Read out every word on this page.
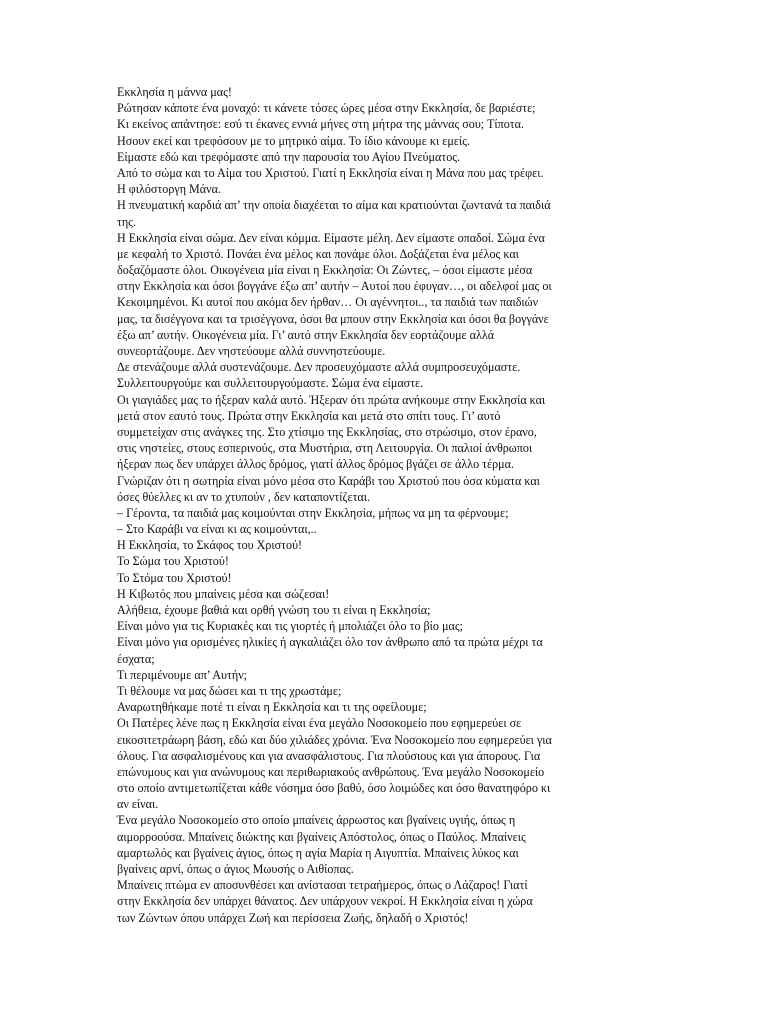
Εκκλησία η μάννα μας!
Ρώτησαν κάποτε ένα μοναχό: τι κάνετε τόσες ώρες μέσα στην Εκκλησία, δε βαριέστε;
Κι εκείνος απάντησε: εσύ τι έκανες εννιά μήνες στη μήτρα της μάννας σου; Τίποτα.
Ησουν εκεί και τρεφόσουν με το μητρικό αίμα. Το ίδιο κάνουμε κι εμείς.
Είμαστε εδώ και τρεφόμαστε από την παρουσία του Αγίου Πνεύματος.
Από το σώμα και το Αίμα του Χριστού. Γιατί η Εκκλησία είναι η Μάνα που μας τρέφει.
Η φιλόστοργη Μάνα.
Η πνευματική καρδιά απ’ την οποία διαχέεται το αίμα και κρατιούνται ζωντανά τα παιδιά
της.
Η Εκκλησία είναι σώμα. Δεν είναι κόμμα. Είμαστε μέλη. Δεν είμαστε οπαδοί. Σώμα ένα
με κεφαλή το Χριστό. Πονάει ένα μέλος και πονάμε όλοι. Δοξάζεται ένα μέλος και
δοξαζόμαστε όλοι. Οικογένεια μία είναι η Εκκλησία: Οι Ζώντες, – όσοι είμαστε μέσα
στην Εκκλησία και όσοι βογγάνε έξω απ’ αυτήν – Αυτοί που έφυγαν…, οι αδελφοί μας οι
Κεκοιμημένοι. Κι αυτοί που ακόμα δεν ήρθαν… Οι αγέννητοι.., τα παιδιά των παιδιών
μας, τα δισέγγονα και τα τρισέγγονα, όσοι θα μπουν στην Εκκλησία και όσοι θα βογγάνε
έξω απ’ αυτήν. Οικογένεια μία. Γι’ αυτό στην Εκκλησία δεν εορτάζουμε αλλά
συνεορτάζουμε. Δεν νηστεύουμε αλλά συννηστεύουμε.
Δε στενάζουμε αλλά συστενάζουμε. Δεν προσευχόμαστε αλλά συμπροσευχόμαστε.
Συλλειτουργούμε και συλλειτουργούμαστε. Σώμα ένα είμαστε.
Οι γιαγιάδες μας το ήξεραν καλά αυτό. Ήξεραν ότι πρώτα ανήκουμε στην Εκκλησία και
μετά στον εαυτό τους. Πρώτα στην Εκκλησία και μετά στο σπίτι τους. Γι’ αυτό
συμμετείχαν στις ανάγκες της. Στο χτίσιμο της Εκκλησίας, στο στρώσιμο, στον έρανο,
στις νηστείες, στους εσπερινούς, στα Μυστήρια, στη Λειτουργία. Οι παλιοί άνθρωποι
ήξεραν πως δεν υπάρχει άλλος δρόμος, γιατί άλλος δρόμος βγάζει σε άλλο τέρμα.
Γνώριζαν ότι η σωτηρία είναι μόνο μέσα στο Καράβι του Χριστού που όσα κύματα και
όσες θύελλες κι αν το χτυπούν , δεν καταποντίζεται.
– Γέροντα, τα παιδιά μας κοιμούνται στην Εκκλησία, μήπως να μη τα φέρνουμε;
– Στο Καράβι να είναι κι ας κοιμούνται,..
Η Εκκλησία, το Σκάφος του Χριστού!
Το Σώμα του Χριστού!
Το Στόμα του Χριστού!
Η Κιβωτός που μπαίνεις μέσα και σώζεσαι!
Αλήθεια, έχουμε βαθιά και ορθή γνώση του τι είναι η Εκκλησία;
Είναι μόνο για τις Κυριακές και τις γιορτές ή μπολιάζει όλο το βίο μας;
Είναι μόνο για ορισμένες ηλικίες ή αγκαλιάζει όλο τον άνθρωπο από τα πρώτα μέχρι τα
έσχατα;
Τι περιμένουμε απ’ Αυτήν;
Τι θέλουμε να μας δώσει και τι της χρωστάμε;
Αναρωτηθήκαμε ποτέ τι είναι η Εκκλησία και τι της οφείλουμε;
Οι Πατέρες λένε πως η Εκκλησία είναι ένα μεγάλο Νοσοκομείο που εφημερεύει σε
εικοσιτετράωρη βάση, εδώ και δύο χιλιάδες χρόνια. Ένα Νοσοκομείο που εφημερεύει για
όλους. Για ασφαλισμένους και για ανασφάλιστους. Για πλούσιους και για άπορους. Για
επώνυμους και για ανώνυμους και περιθωριακούς ανθρώπους. Ένα μεγάλο Νοσοκομείο
στο οποίο αντιμετωπίζεται κάθε νόσημα όσο βαθύ, όσο λοιμώδες και όσο θανατηφόρο κι
αν είναι.
Ένα μεγάλο Νοσοκομείο στο οποίο μπαίνεις άρρωστος και βγαίνεις υγιής, όπως η
αιμορροούσα. Μπαίνεις διώκτης και βγαίνεις Απόστολος, όπως ο Παύλος. Μπαίνεις
αμαρτωλός και βγαίνεις άγιος, όπως η αγία Μαρία η Αιγυπτία. Μπαίνεις λύκος και
βγαίνεις αρνί, όπως ο άγιος Μωυσής ο Αιθίοπας.
Μπαίνεις πτώμα εν αποσυνθέσει και ανίστασαι τετραήμερος, όπως ο Λάζαρος! Γιατί
στην Εκκλησία δεν υπάρχει θάνατος. Δεν υπάρχουν νεκροί. Η Εκκλησία είναι η χώρα
των Ζώντων όπου υπάρχει Ζωή και περίσσεια Ζωής, δηλαδή ο Χριστός!
